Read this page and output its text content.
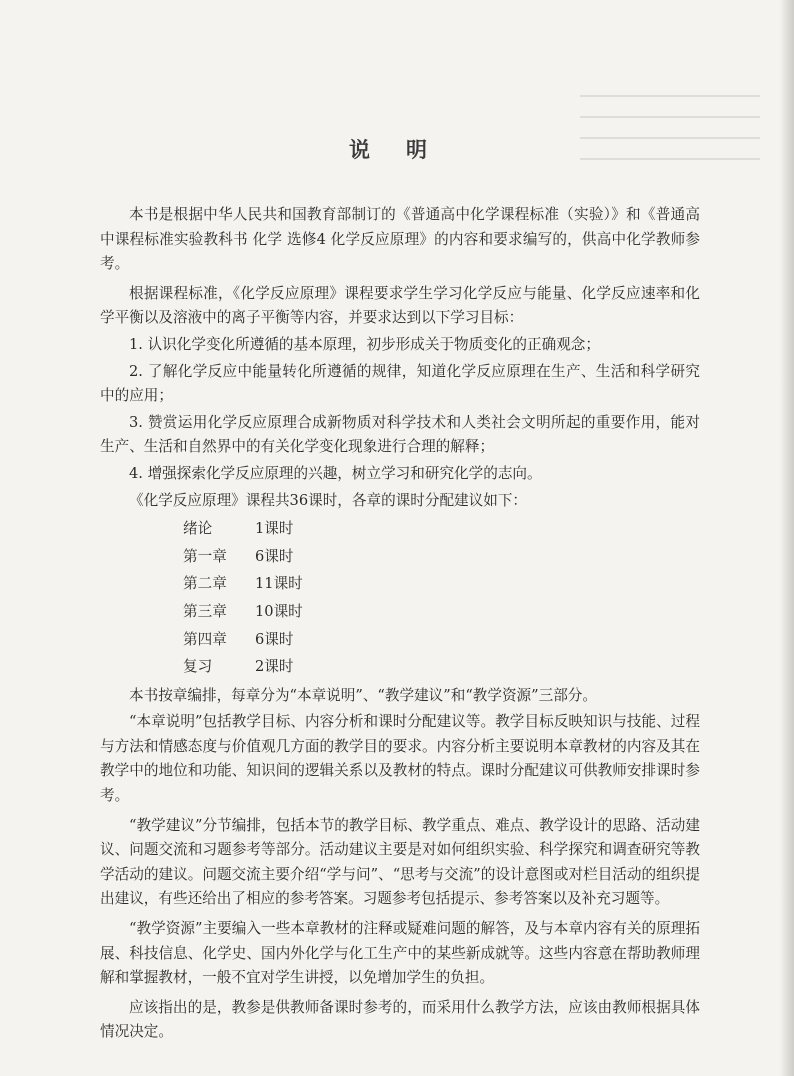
说明

本书是根据中华人民共和国教育部制订的《普通高中化学课程标准（实验）》和《普通高中课程标准实验教科书 化学 选修4 化学反应原理》的内容和要求编写的，供高中化学教师参考。

根据课程标准，《化学反应原理》课程要求学生学习化学反应与能量、化学反应速率和化学平衡以及溶液中的离子平衡等内容，并要求达到以下学习目标：

1. 认识化学变化所遵循的基本原理，初步形成关于物质变化的正确观念；

2. 了解化学反应中能量转化所遵循的规律，知道化学反应原理在生产、生活和科学研究中的应用；

3. 赞赏运用化学反应原理合成新物质对科学技术和人类社会文明所起的重要作用，能对生产、生活和自然界中的有关化学变化现象进行合理的解释；

4. 增强探索化学反应原理的兴趣，树立学习和研究化学的志向。

《化学反应原理》课程共36课时，各章的课时分配建议如下：

绪论	1课时
第一章	6课时
第二章	11课时
第三章	10课时
第四章	6课时
复习	2课时

本书按章编排，每章分为“本章说明”、“教学建议”和“教学资源”三部分。

“本章说明”包括教学目标、内容分析和课时分配建议等。教学目标反映知识与技能、过程与方法和情感态度与价值观几方面的教学目的要求。内容分析主要说明本章教材的内容及其在教学中的地位和功能、知识间的逻辑关系以及教材的特点。课时分配建议可供教师安排课时参考。

“教学建议”分节编排，包括本节的教学目标、教学重点、难点、教学设计的思路、活动建议、问题交流和习题参考等部分。活动建议主要是对如何组织实验、科学探究和调查研究等教学活动的建议。问题交流主要介绍“学与问”、“思考与交流”的设计意图或对栏目活动的组织提出建议，有些还给出了相应的参考答案。习题参考包括提示、参考答案以及补充习题等。

“教学资源”主要编入一些本章教材的注释或疑难问题的解答，及与本章内容有关的原理拓展、科技信息、化学史、国内外化学与化工生产中的某些新成就等。这些内容意在帮助教师理解和掌握教材，一般不宜对学生讲授，以免增加学生的负担。

应该指出的是，教参是供教师备课时参考的，而采用什么教学方法，应该由教师根据具体情况决定。
